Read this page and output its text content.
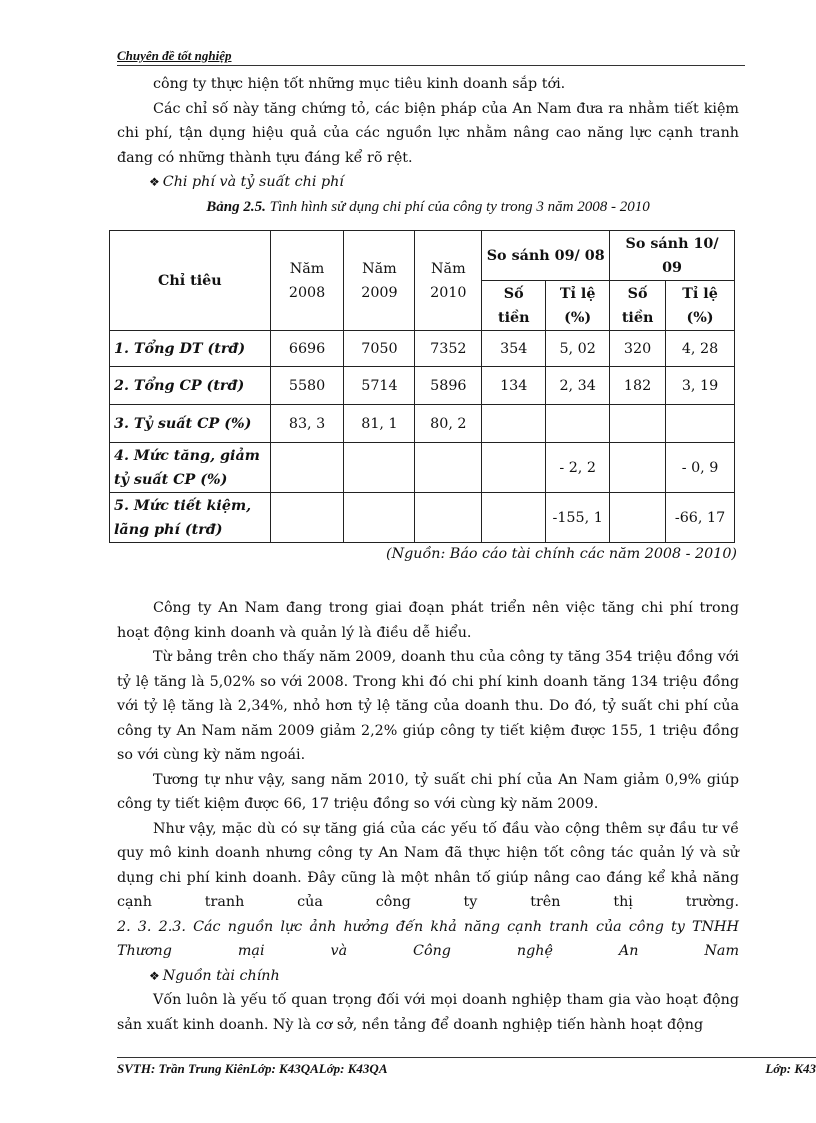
Chuyên đề tốt nghiệp

công ty thực hiện tốt những mục tiêu kinh doanh sắp tới.

Các chỉ số này tăng chứng tỏ, các biện pháp của An Nam đưa ra nhằm tiết kiệm chi phí, tận dụng hiệu quả của các nguồn lực nhằm nâng cao năng lực cạnh tranh đang có những thành tựu đáng kể rõ rệt.

❖ Chi phí và tỷ suất chi phí

Bảng 2.5. Tình hình sử dụng chi phí của công ty trong 3 năm 2008 - 2010

Chỉ tiêu	Năm 2008	Năm 2009	Năm 2010	So sánh 09/ 08		So sánh 10/ 09	
				Số tiền	Tỉ lệ (%)	Số tiền	Tỉ lệ (%)
1. Tổng DT (trđ)	6696	7050	7352	354	5, 02	320	4, 28
2. Tổng CP (trđ)	5580	5714	5896	134	2, 34	182	3, 19
3. Tỷ suất CP (%)	83, 3	81, 1	80, 2				
4. Mức tăng, giảm tỷ suất CP (%)					- 2, 2		- 0, 9
5. Mức tiết kiệm, lãng phí (trđ)					-155, 1		-66, 17
(Nguồn: Báo cáo tài chính các năm 2008 - 2010)

Công ty An Nam đang trong giai đoạn phát triển nên việc tăng chi phí trong hoạt động kinh doanh và quản lý là điều dễ hiểu.

Từ bảng trên cho thấy năm 2009, doanh thu của công ty tăng 354 triệu đồng với tỷ lệ tăng là 5,02% so với 2008. Trong khi đó chi phí kinh doanh tăng 134 triệu đồng với tỷ lệ tăng là 2,34%, nhỏ hơn tỷ lệ tăng của doanh thu. Do đó, tỷ suất chi phí của công ty An Nam năm 2009 giảm 2,2% giúp công ty tiết kiệm được 155, 1 triệu đồng so với cùng kỳ năm ngoái.

Tương tự như vậy, sang năm 2010, tỷ suất chi phí của An Nam giảm 0,9% giúp công ty tiết kiệm được 66, 17 triệu đồng so với cùng kỳ năm 2009.

Như vậy, mặc dù có sự tăng giá của các yếu tố đầu vào cộng thêm sự đầu tư về quy mô kinh doanh nhưng công ty An Nam đã thực hiện tốt công tác quản lý và sử dụng chi phí kinh doanh. Đây cũng là một nhân tố giúp nâng cao đáng kể khả năng cạnh tranh của công ty trên thị trường.

2. 3. 2.3. Các nguồn lực ảnh hưởng đến khả năng cạnh tranh của công ty TNHH Thương mại và Công nghệ An Nam

❖ Nguồn tài chính

Vốn luôn là yếu tố quan trọng đối với mọi doanh nghiệp tham gia vào hoạt động sản xuất kinh doanh. Nỳ là cơ sở, nền tảng để doanh nghiệp tiến hành hoạt động

SVTH: Trần Trung KiênLớp: K43QALớp: K43QA	Lớp: K43
